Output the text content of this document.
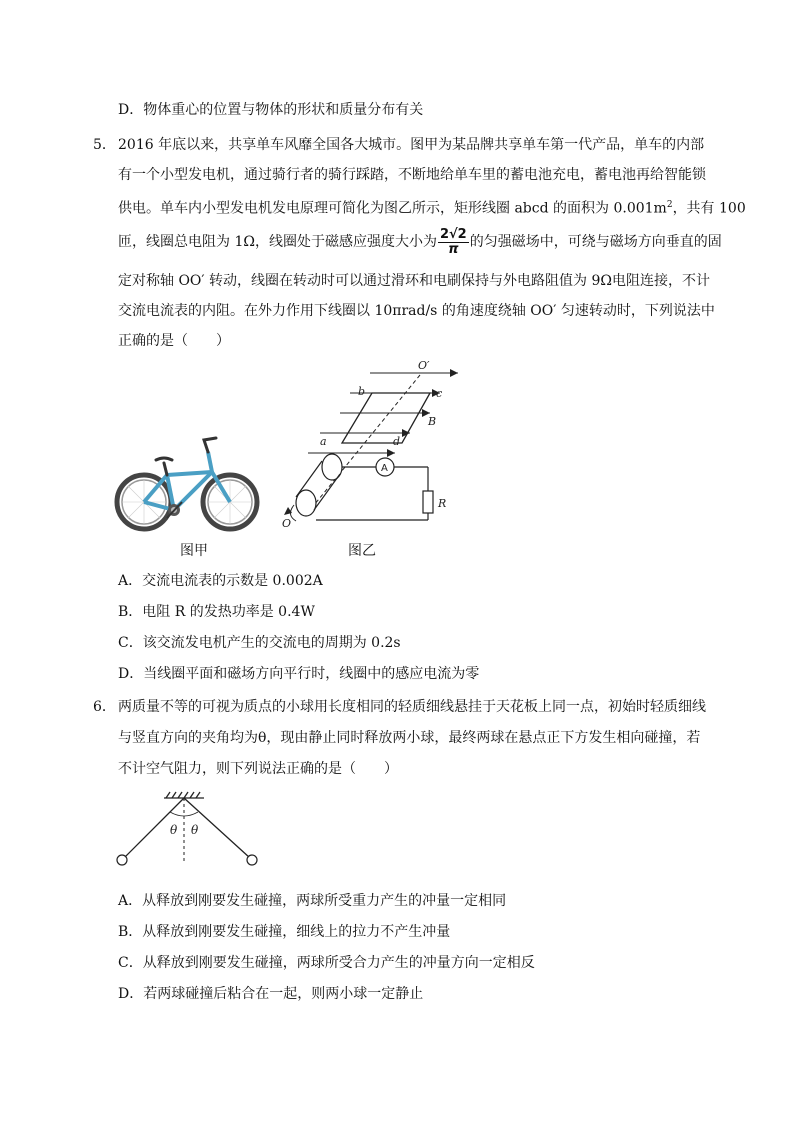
D．物体重心的位置与物体的形状和质量分布有关
5． 2016 年底以来，共享单车风靡全国各大城市。图甲为某品牌共享单车第一代产品，单车的内部
有一个小型发电机，通过骑行者的骑行踩踏，不断地给单车里的蓄电池充电，蓄电池再给智能锁
供电。单车内小型发电机发电原理可简化为图乙所示，矩形线圈 abcd 的面积为 $0.001m^2$，共有 100
匝，线圈总电阻为 1Ω，线圈处于磁感应强度大小为 $\frac{2√2}{\pi}$ 的匀强磁场中，可绕与磁场方向垂直的固
定对称轴 OO′ 转动，线圈在转动时可以通过滑环和电刷保持与外电路阻值为 9Ω电阻连接，不计
交流电流表的内阻。在外力作用下线圈以 10πrad/s 的角速度绕轴 OO′ 匀速转动时，下列说法中
正确的是（　　）
图甲
O′
b	c
B
a	d
R
O
A
图乙
A．交流电流表的示数是 0.002A
B．电阻 R 的发热功率是 0.4W
C．该交流发电机产生的交流电的周期为 0.2s
D．当线圈平面和磁场方向平行时，线圈中的感应电流为零
6． 两质量不等的可视为质点的小球用长度相同的轻质细线悬挂于天花板上同一点，初始时轻质细线
与竖直方向的夹角均为θ，现由静止同时释放两小球，最终两球在悬点正下方发生相向碰撞，若
不计空气阻力，则下列说法正确的是（　　）
θ θ
A．从释放到刚要发生碰撞，两球所受重力产生的冲量一定相同
B．从释放到刚要发生碰撞，细线上的拉力不产生冲量
C．从释放到刚要发生碰撞，两球所受合力产生的冲量方向一定相反
D．若两球碰撞后粘合在一起，则两小球一定静止
